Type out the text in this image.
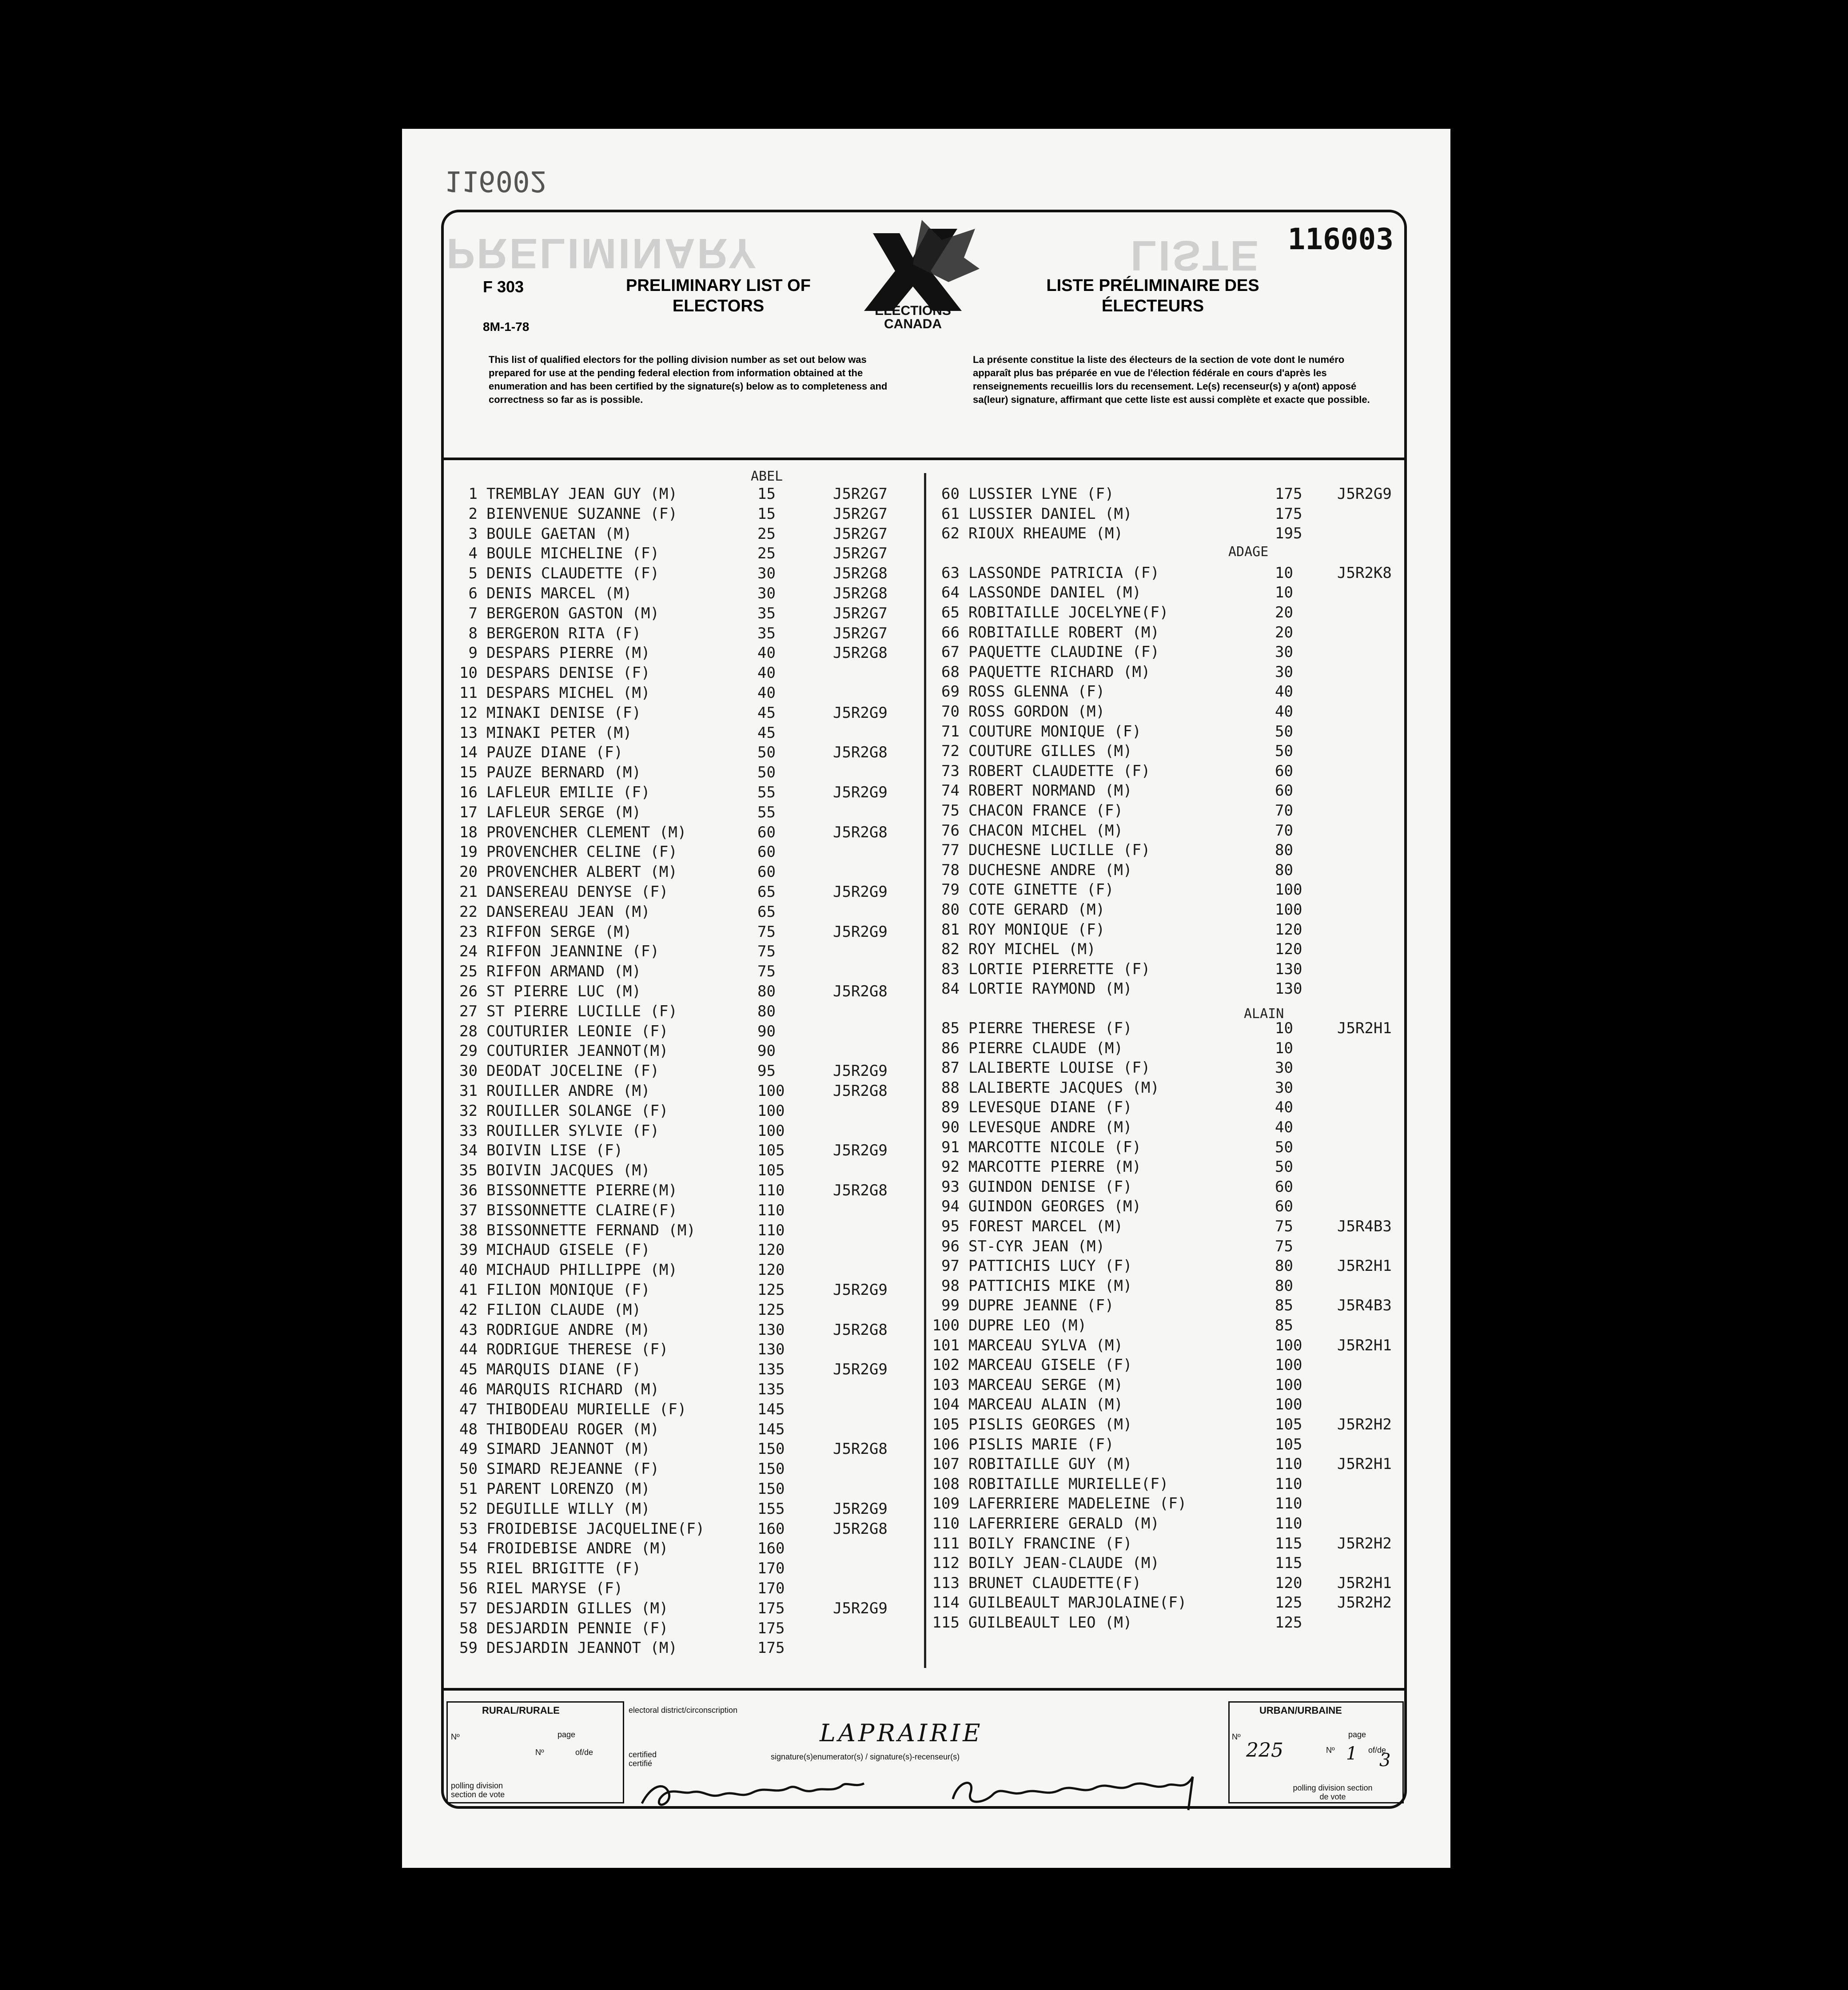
116002
PRELIMINARY	LISTE 116003
F 303
8M-1-78
PRELIMINARY LIST OF ELECTORS
LISTE PRÉLIMINAIRE DES ÉLECTEURS
ÉLECTIONS CANADA
This list of qualified electors for the polling division number as set out below was prepared for use at the pending federal election from information obtained at the enumeration and has been certified by the signature(s) below as to completeness and correctness so far as is possible.
La présente constitue la liste des électeurs de la section de vote dont le numéro apparaît plus bas préparée en vue de l'élection fédérale en cours d'après les renseignements recueillis lors du recensement. Le(s) recenseur(s) y a(ont) apposé sa(leur) signature, affirmant que cette liste est aussi complète et exacte que possible.
ABEL
ADAGE
ALAIN
1 TREMBLAY JEAN GUY (M)	15	J5R2G7
2 BIENVENUE SUZANNE (F)	15	J5R2G7
3 BOULE GAETAN (M)	25	J5R2G7
4 BOULE MICHELINE (F)	25	J5R2G7
5 DENIS CLAUDETTE (F)	30	J5R2G8
6 DENIS MARCEL (M)	30	J5R2G8
7 BERGERON GASTON (M)	35	J5R2G7
8 BERGERON RITA (F)	35	J5R2G7
9 DESPARS PIERRE (M)	40	J5R2G8
10 DESPARS DENISE (F)	40
11 DESPARS MICHEL (M)	40
12 MINAKI DENISE (F)	45	J5R2G9
13 MINAKI PETER (M)	45
14 PAUZE DIANE (F)	50	J5R2G8
15 PAUZE BERNARD (M)	50
16 LAFLEUR EMILIE (F)	55	J5R2G9
17 LAFLEUR SERGE (M)	55
18 PROVENCHER CLEMENT (M)	60	J5R2G8
19 PROVENCHER CELINE (F)	60
20 PROVENCHER ALBERT (M)	60
21 DANSEREAU DENYSE (F)	65	J5R2G9
22 DANSEREAU JEAN (M)	65
23 RIFFON SERGE (M)	75	J5R2G9
24 RIFFON JEANNINE (F)	75
25 RIFFON ARMAND (M)	75
26 ST PIERRE LUC (M)	80	J5R2G8
27 ST PIERRE LUCILLE (F)	80
28 COUTURIER LEONIE (F)	90
29 COUTURIER JEANNOT(M)	90
30 DEODAT JOCELINE (F)	95	J5R2G9
31 ROUILLER ANDRE (M)	100	J5R2G8
32 ROUILLER SOLANGE (F)	100
33 ROUILLER SYLVIE (F)	100
34 BOIVIN LISE (F)	105	J5R2G9
35 BOIVIN JACQUES (M)	105
36 BISSONNETTE PIERRE(M)	110	J5R2G8
37 BISSONNETTE CLAIRE(F)	110
38 BISSONNETTE FERNAND (M)	110
39 MICHAUD GISELE (F)	120
40 MICHAUD PHILLIPPE (M)	120
41 FILION MONIQUE (F)	125	J5R2G9
42 FILION CLAUDE (M)	125
43 RODRIGUE ANDRE (M)	130	J5R2G8
44 RODRIGUE THERESE (F)	130
45 MARQUIS DIANE (F)	135	J5R2G9
46 MARQUIS RICHARD (M)	135
47 THIBODEAU MURIELLE (F)	145
48 THIBODEAU ROGER (M)	145
49 SIMARD JEANNOT (M)	150	J5R2G8
50 SIMARD REJEANNE (F)	150
51 PARENT LORENZO (M)	150
52 DEGUILLE WILLY (M)	155	J5R2G9
53 FROIDEBISE JACQUELINE(F)	160	J5R2G8
54 FROIDEBISE ANDRE (M)	160
55 RIEL BRIGITTE (F)	170
56 RIEL MARYSE (F)	170
57 DESJARDIN GILLES (M)	175	J5R2G9
58 DESJARDIN PENNIE (F)	175
59 DESJARDIN JEANNOT (M)	175
60 LUSSIER LYNE (F)	175 J5R2G9
61 LUSSIER DANIEL (M)	175
62 RIOUX RHEAUME (M)	195
63 LASSONDE PATRICIA (F)	10	J5R2K8
64 LASSONDE DANIEL (M)	10
65 ROBITAILLE JOCELYNE(F)	20
66 ROBITAILLE ROBERT (M)	20
67 PAQUETTE CLAUDINE (F)	30
68 PAQUETTE RICHARD (M)	30
69 ROSS GLENNA (F)	40
70 ROSS GORDON (M)	40
71 COUTURE MONIQUE (F)	50
72 COUTURE GILLES (M)	50
73 ROBERT CLAUDETTE (F)	60
74 ROBERT NORMAND (M)	60
75 CHACON FRANCE (F)	70
76 CHACON MICHEL (M)	70
77 DUCHESNE LUCILLE (F)	80
78 DUCHESNE ANDRE (M)	80
79 COTE GINETTE (F)	100
80 COTE GERARD (M)	100
81 ROY MONIQUE (F)	120
82 ROY MICHEL (M)	120
83 LORTIE PIERRETTE (F)	130
84 LORTIE RAYMOND (M)	130
85 PIERRE THERESE (F)	10	J5R2H1
86 PIERRE CLAUDE (M)	10
87 LALIBERTE LOUISE (F)	30
88 LALIBERTE JACQUES (M)	30
89 LEVESQUE DIANE (F)	40
90 LEVESQUE ANDRE (M)	40
91 MARCOTTE NICOLE (F)	50
92 MARCOTTE PIERRE (M)	50
93 GUINDON DENISE (F)	60
94 GUINDON GEORGES (M)	60
95 FOREST MARCEL (M)	75	J5R4B3
96 ST-CYR JEAN (M)	75
97 PATTICHIS LUCY (F)	80	J5R2H1
98 PATTICHIS MIKE (M)	80
99 DUPRE JEANNE (F)	85	J5R4B3
100 DUPRE LEO (M)	85
101 MARCEAU SYLVA (M)	100 J5R2H1
102 MARCEAU GISELE (F)	100
103 MARCEAU SERGE (M)	100
104 MARCEAU ALAIN (M)	100
105 PISLIS GEORGES (M)	105 J5R2H2
106 PISLIS MARIE (F)	105
107 ROBITAILLE GUY (M)	110 J5R2H1
108 ROBITAILLE MURIELLE(F)	110
109 LAFERRIERE MADELEINE (F)	110
110 LAFERRIERE GERALD (M)	110
111 BOILY FRANCINE (F)	115 J5R2H2
112 BOILY JEAN-CLAUDE (M)	115
113 BRUNET CLAUDETTE(F)	120 J5R2H1
114 GUILBEAULT MARJOLAINE(F)	125 J5R2H2
115 GUILBEAULT LEO (M)	125
RURAL/RURALE
Nº	page
Nº	of/de
polling division section de vote
electoral district/circonscription
LAPRAIRIE
certified certifié
signature(s)enumerator(s) / signature(s)-recenseur(s)
URBAN/URBAINE
Nº
225
page
Nº 1 of/de
3
polling division section de vote
